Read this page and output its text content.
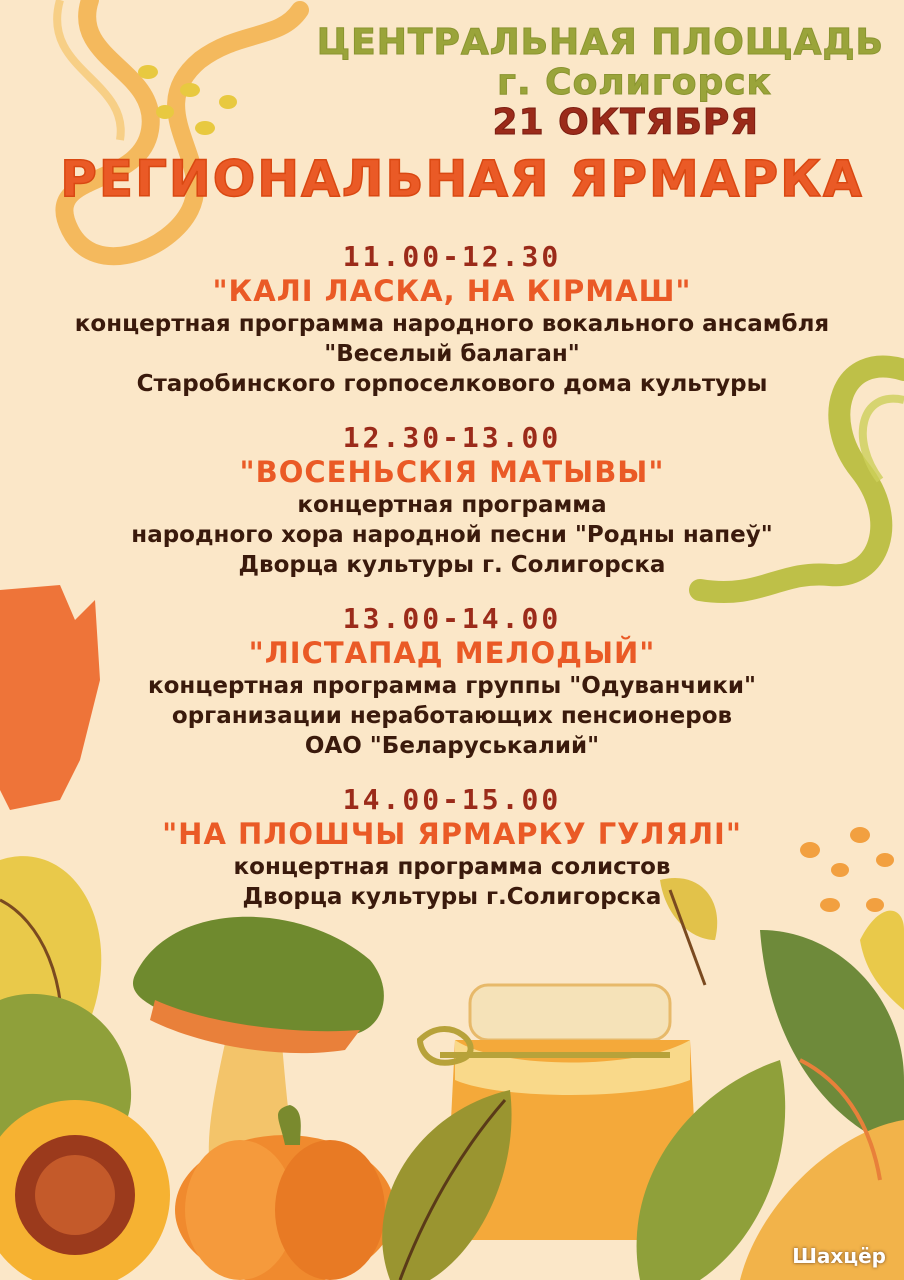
ЦЕНТРАЛЬНАЯ ПЛОЩАДЬ
г. Солигорск
21 ОКТЯБРЯ
РЕГИОНАЛЬНАЯ ЯРМАРКА
11.00-12.30
"КАЛІ ЛАСКА, НА КІРМАШ"
концертная программа народного вокального ансамбля
"Веселый балаган"
Старобинского горпоселкового дома культуры
12.30-13.00
"ВОСЕНЬСКІЯ МАТЫВЫ"
концертная программа
народного хора народной песни "Родны напеў"
Дворца культуры г. Солигорска
13.00-14.00
"ЛІСТАПАД МЕЛОДЫЙ"
концертная программа группы "Одуванчики"
организации неработающих пенсионеров
ОАО "Беларуськалий"
14.00-15.00
"НА ПЛОШЧЫ ЯРМАРКУ ГУЛЯЛІ"
концертная программа солистов
Дворца культуры г.Солигорска
Шахцёр
